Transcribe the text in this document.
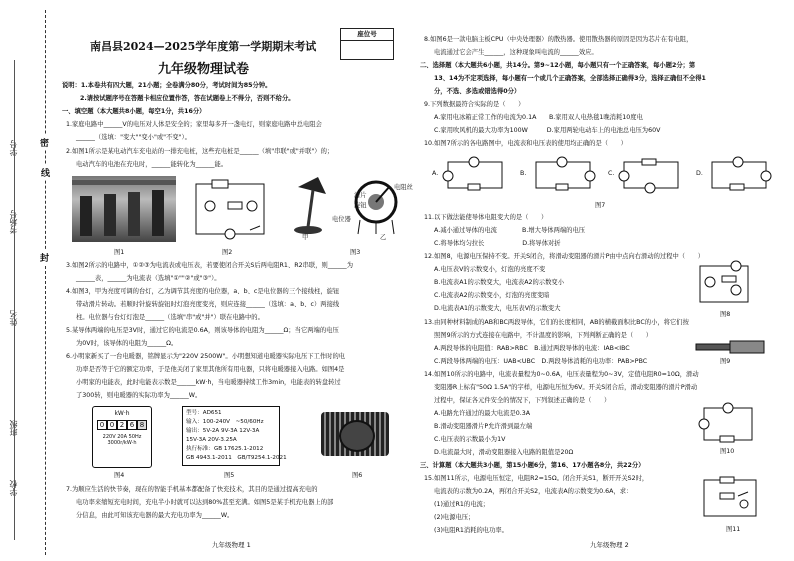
密
封
线
学校
班级
姓名
考场号
学号
南昌县2024—2025学年度第一学期期末考试
九年级物理试卷
座位号
说明：1.本卷共有四大题，21小题；全卷满分80分，考试时间为85分钟。
2.请按试题序号在答题卡相应位置作答，答在试题卷上不得分，否则不给分。
一、填空题（本大题共8小题，每空1分，共16分）
1.家庭电路中______V的电压对人体是安全的；家里每多开一盏电灯，则家庭电路中总电阻会
______（选填："变大""变小"或"不变"）。
2.如图1所示是某电动汽车充电站的一排充电桩，这些充电桩是______（填"串联"或"并联"）的；
电动汽车的电池在充电时，______能转化为______能。
图1	图2
甲	乙
电位器
滑片
旋钮
电阻丝
图3
3.如图2所示的电路中，①②③为电流表或电压表，若要使闭合开关S后两电阻R1、R2串联，则______为
______表，______为电流表（选填"①""②"或"③"）。
4.如图3，甲为亮度可调的台灯，乙为调节其亮度的电位器，a、b、c是电位器的三个接线柱，旋钮
带动滑片转动。若顺时针旋转旋钮时灯泡亮度变亮，则应连接______（选填：a、b、c）两接线
柱。电位器与台灯灯泡是______（选填"串"或"并"）联在电路中的。
5.某导体两端的电压是3V时，通过它的电流是0.6A，则该导体的电阻为______Ω；当它两端的电压
为0V时，该导体的电阻为______Ω。
6.小明家新买了一台电暖器，铭牌显示为"220V 2500W"。小明想知道电暖器实际电压下工作时的电
功率是否等于它的额定功率，于是他关闭了家里其他所有用电器，只将电暖器接入电路。如图4是
小明家的电能表，此时电能表示数是______kW·h，当电暖器持续工作3min，电能表的转盘转过
了300转，则电暖器的实际功率为______W。
kW·h
0 0 2 6 8
220V 20A 50Hz
3000r/kW·h
图4
型号：AD651
输入：100-240V　~50/60Hz
输出：5V-2A 9V-3A 12V-3A
15V-3A 20V-3.25A
执行标准：GB 17625.1-2012
GB 4943.1-2011　GB/T9254.1-2021
图5	图6
7.为顺应生活的快节奏，现在的智能手机基本都配备了快充技术，其目的是通过提高充电的
电功率来缩短充电时间，充电半小时就可以达到80%甚至充满。如图5是某手机充电器上的部
分信息，由此可知该充电器的最大充电功率为______W。
九年级物理 1
8.如图6是一款电脑主板CPU（中央处理器）的散热器。使用散热器的原因是因为芯片在有电阻，
电流通过它会产生______，这种现象叫电流的______效应。
二、选择题（本大题共6小题，共14分。第9~12小题，每小题只有一个正确答案，每小题2分；第
13、14为不定项选择，每小题有一个或几个正确答案，全部选择正确得3分，选择正确但不全得1
分，不选、多选或错选得0分）
9.下列数据最符合实际的是（　　）
A.家用电冰箱正常工作的电流为0.1A　　B.家用双人电热毯1晚消耗10度电
C.家用吹风机的最大功率为100W　　　D.家用两轮电动车上的电池总电压为60V
10.如图7所示的各电路图中，电流表和电压表的使用均正确的是（　　）
A.	B.	C.	D.
图7
11.以下做法能使导体电阻变大的是（　　）
A.减小通过导体的电流　　　　B.增大导体两端的电压
C.将导体均匀拉长　　　　　　D.将导体对折
12.如图8，电源电压保持不变。开关S闭合，将滑动变阻器的滑片P由中点向右滑动的过程中（　　）
A.电压表V的示数变小，灯泡的亮度不变
B.电流表A1的示数变大，电流表A2的示数变小
C.电流表A2的示数变小，灯泡的亮度变暗
D.电流表A1的示数变大，电压表V的示数变大
图8
13.由同种材料制成的AB和BC两段导体，它们的长度相同，AB的横截面积比BC的小，将它们按
照图9所示的方式连接在电路中，不计温度的影响，下列判断正确的是（　　）
A.两段导体的电阻值：RAB>RBC　B.通过两段导体的电流：IAB<IBC
C.两段导体两端的电压：UAB<UBC　D.两段导体消耗的电功率：PAB>PBC	图9
14.如图10所示的电路中，电流表量程为0~0.6A，电压表量程为0~3V，定值电阻R0=10Ω，滑动
变阻器R上标有"50Ω 1.5A"的字样，电源电压恒为6V。开关S闭合后，滑动变阻器的滑片P滑动
过程中，保证各元件安全的情况下，下列叙述正确的是（　　）
A.电路允许通过的最大电流是0.3A
B.滑动变阻器滑片P允许滑到最左端
C.电压表的示数最小为1V
D.电流最大时，滑动变阻器接入电路的阻值是20Ω	图10
三、计算题（本大题共3小题，第15小题6分，第16、17小题各8分，共22分）
15.如图11所示，电源电压恒定，电阻R2=15Ω。闭合开关S1，断开开关S2时，
电流表的示数为0.2A，再闭合开关S2，电流表A的示数变为0.6A，求：
(1)通过R1的电流；
(2)电源电压；
(3)电阻R1消耗的电功率。	图11
九年级物理 2
